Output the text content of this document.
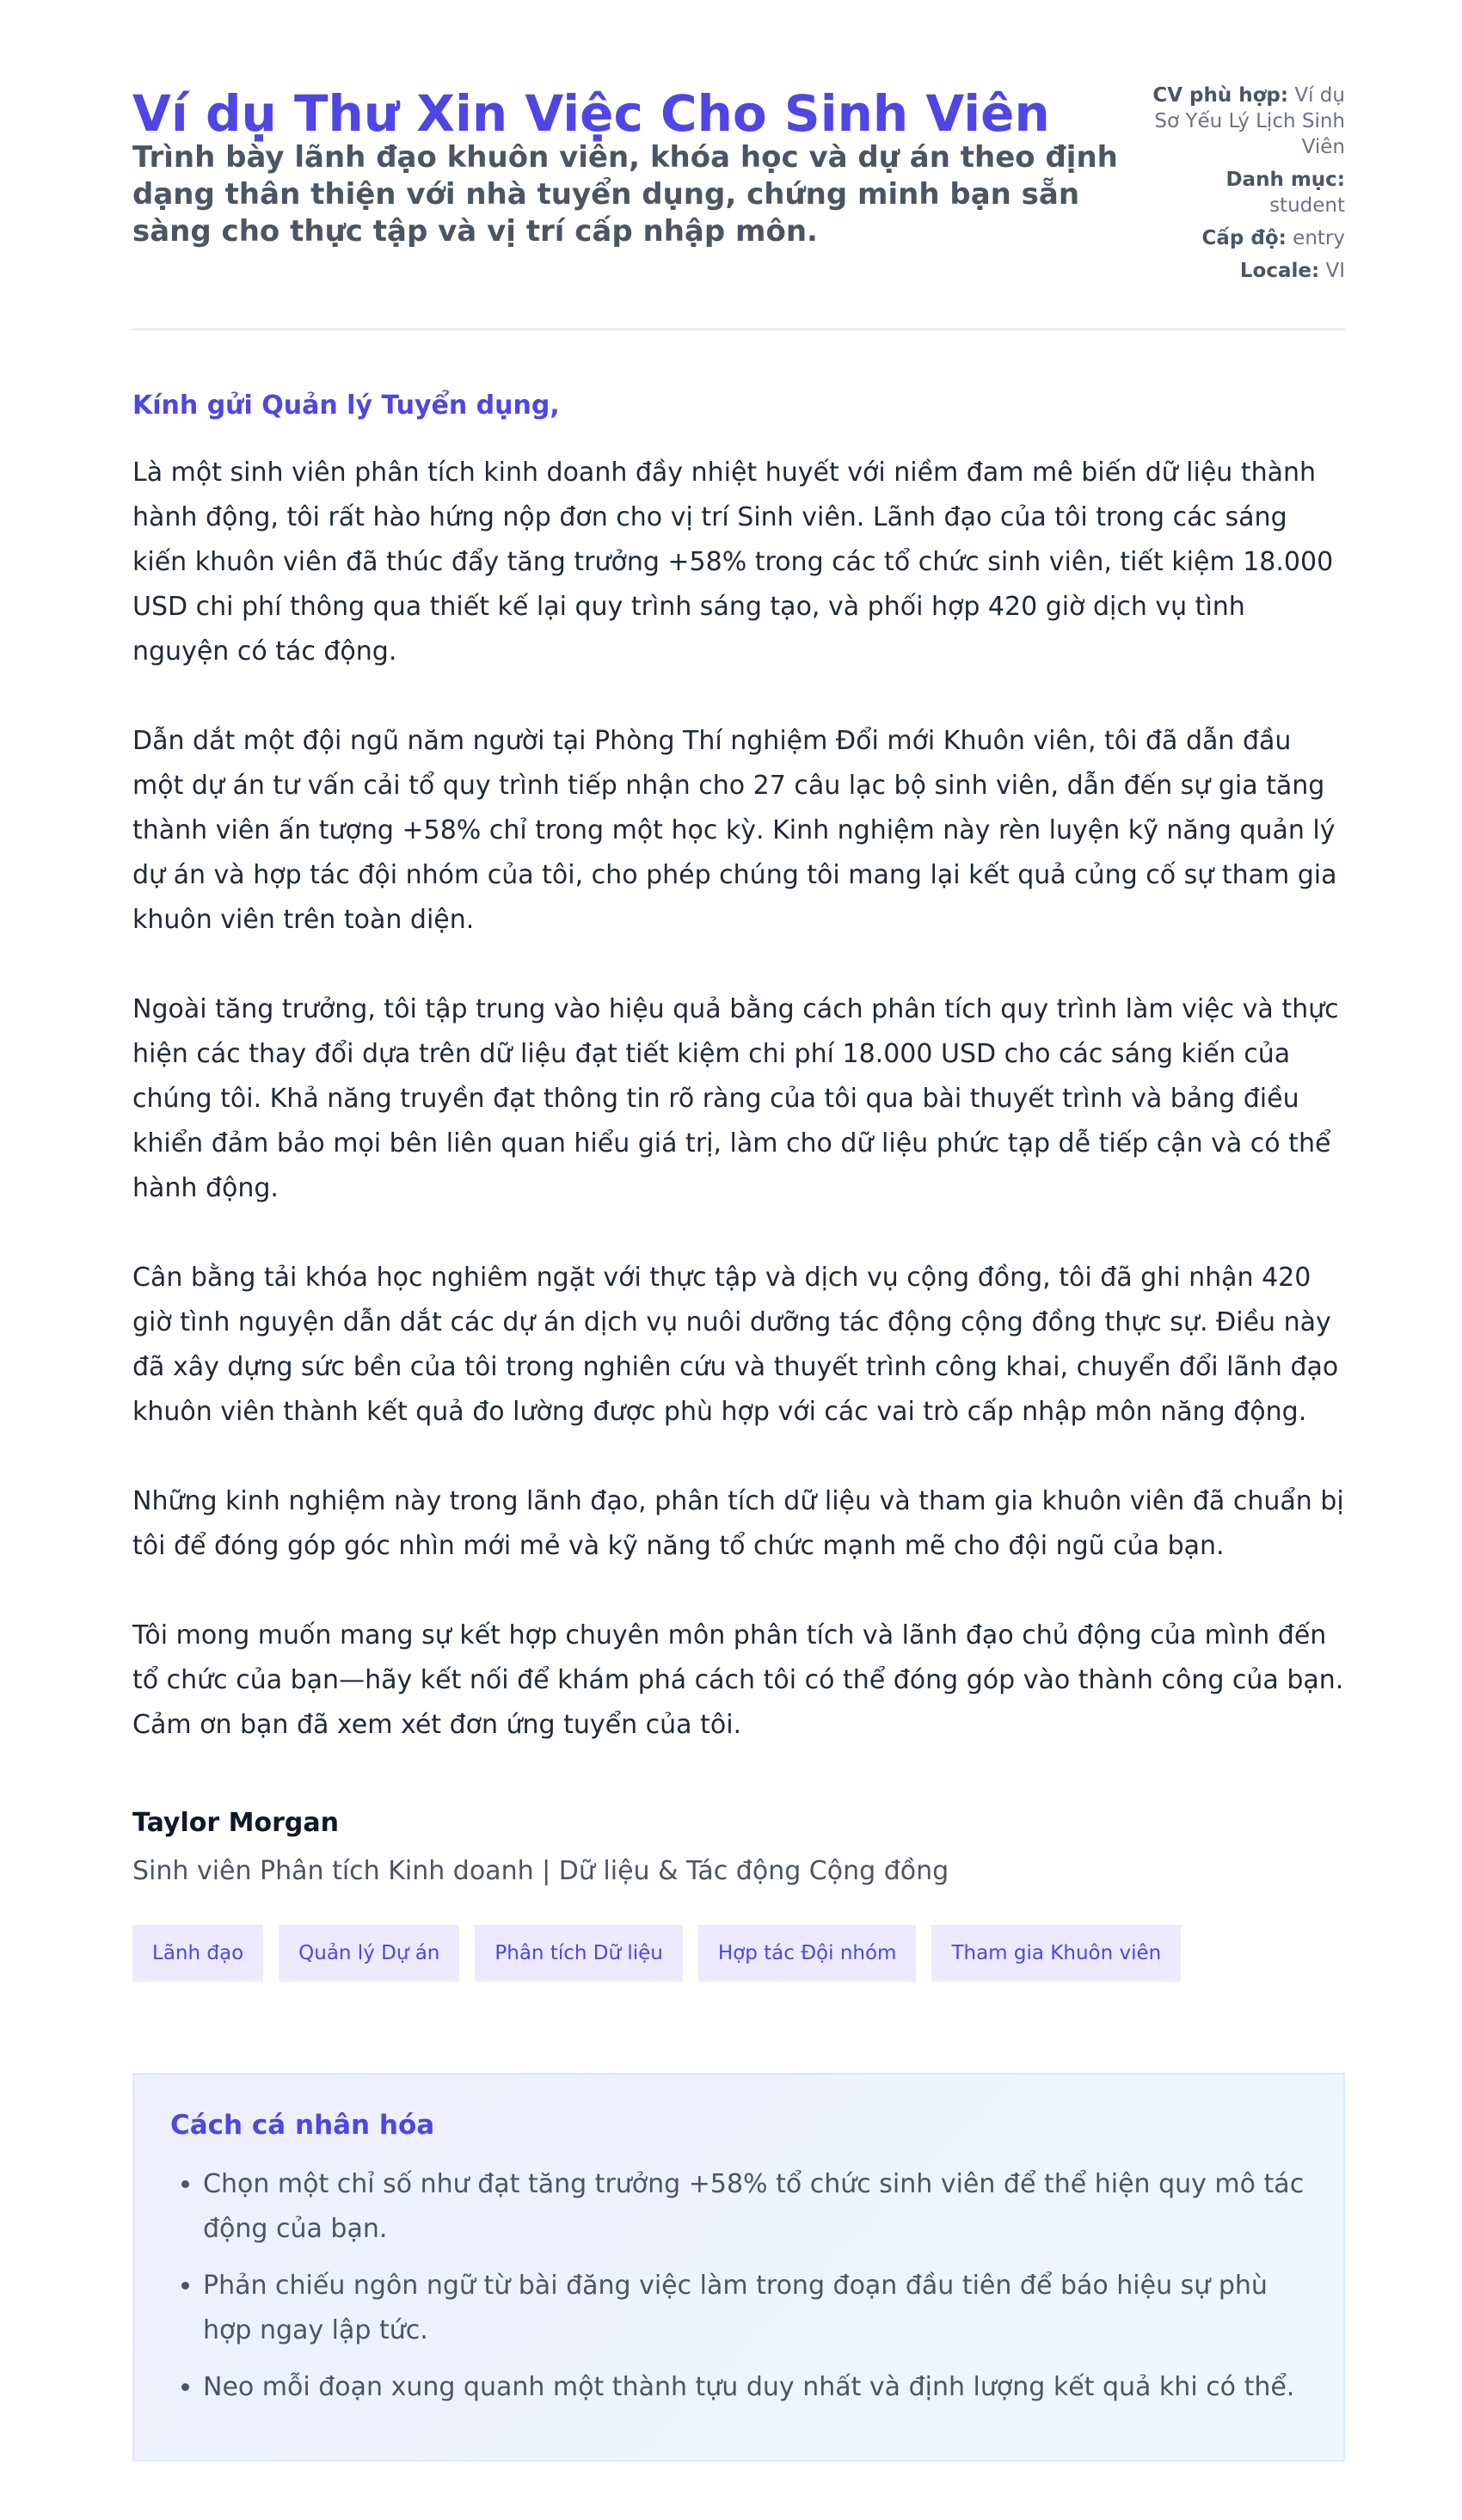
Ví dụ Thư Xin Việc Cho Sinh Viên
Trình bày lãnh đạo khuôn viên, khóa học và dự án theo định dạng thân thiện với nhà tuyển dụng, chứng minh bạn sẵn sàng cho thực tập và vị trí cấp nhập môn.
CV phù hợp: Ví dụ Sơ Yếu Lý Lịch Sinh Viên
Danh mục:
student
Cấp độ: entry
Locale: VI

Kính gửi Quản lý Tuyển dụng,

Là một sinh viên phân tích kinh doanh đầy nhiệt huyết với niềm đam mê biến dữ liệu thành hành động, tôi rất hào hứng nộp đơn cho vị trí Sinh viên. Lãnh đạo của tôi trong các sáng kiến khuôn viên đã thúc đẩy tăng trưởng +58% trong các tổ chức sinh viên, tiết kiệm 18.000 USD chi phí thông qua thiết kế lại quy trình sáng tạo, và phối hợp 420 giờ dịch vụ tình nguyện có tác động.

Dẫn dắt một đội ngũ năm người tại Phòng Thí nghiệm Đổi mới Khuôn viên, tôi đã dẫn đầu một dự án tư vấn cải tổ quy trình tiếp nhận cho 27 câu lạc bộ sinh viên, dẫn đến sự gia tăng thành viên ấn tượng +58% chỉ trong một học kỳ. Kinh nghiệm này rèn luyện kỹ năng quản lý dự án và hợp tác đội nhóm của tôi, cho phép chúng tôi mang lại kết quả củng cố sự tham gia khuôn viên trên toàn diện.

Ngoài tăng trưởng, tôi tập trung vào hiệu quả bằng cách phân tích quy trình làm việc và thực hiện các thay đổi dựa trên dữ liệu đạt tiết kiệm chi phí 18.000 USD cho các sáng kiến của chúng tôi. Khả năng truyền đạt thông tin rõ ràng của tôi qua bài thuyết trình và bảng điều khiển đảm bảo mọi bên liên quan hiểu giá trị, làm cho dữ liệu phức tạp dễ tiếp cận và có thể hành động.

Cân bằng tải khóa học nghiêm ngặt với thực tập và dịch vụ cộng đồng, tôi đã ghi nhận 420 giờ tình nguyện dẫn dắt các dự án dịch vụ nuôi dưỡng tác động cộng đồng thực sự. Điều này đã xây dựng sức bền của tôi trong nghiên cứu và thuyết trình công khai, chuyển đổi lãnh đạo khuôn viên thành kết quả đo lường được phù hợp với các vai trò cấp nhập môn năng động.

Những kinh nghiệm này trong lãnh đạo, phân tích dữ liệu và tham gia khuôn viên đã chuẩn bị tôi để đóng góp góc nhìn mới mẻ và kỹ năng tổ chức mạnh mẽ cho đội ngũ của bạn.

Tôi mong muốn mang sự kết hợp chuyên môn phân tích và lãnh đạo chủ động của mình đến tổ chức của bạn—hãy kết nối để khám phá cách tôi có thể đóng góp vào thành công của bạn. Cảm ơn bạn đã xem xét đơn ứng tuyển của tôi.

Taylor Morgan
Sinh viên Phân tích Kinh doanh | Dữ liệu & Tác động Cộng đồng
Lãnh đạo	Quản lý Dự án	Phân tích Dữ liệu	Hợp tác Đội nhóm	Tham gia Khuôn viên
Cách cá nhân hóa
• Chọn một chỉ số như đạt tăng trưởng +58% tổ chức sinh viên để thể hiện quy mô tác động của bạn.
• Phản chiếu ngôn ngữ từ bài đăng việc làm trong đoạn đầu tiên để báo hiệu sự phù hợp ngay lập tức.
• Neo mỗi đoạn xung quanh một thành tựu duy nhất và định lượng kết quả khi có thể.
